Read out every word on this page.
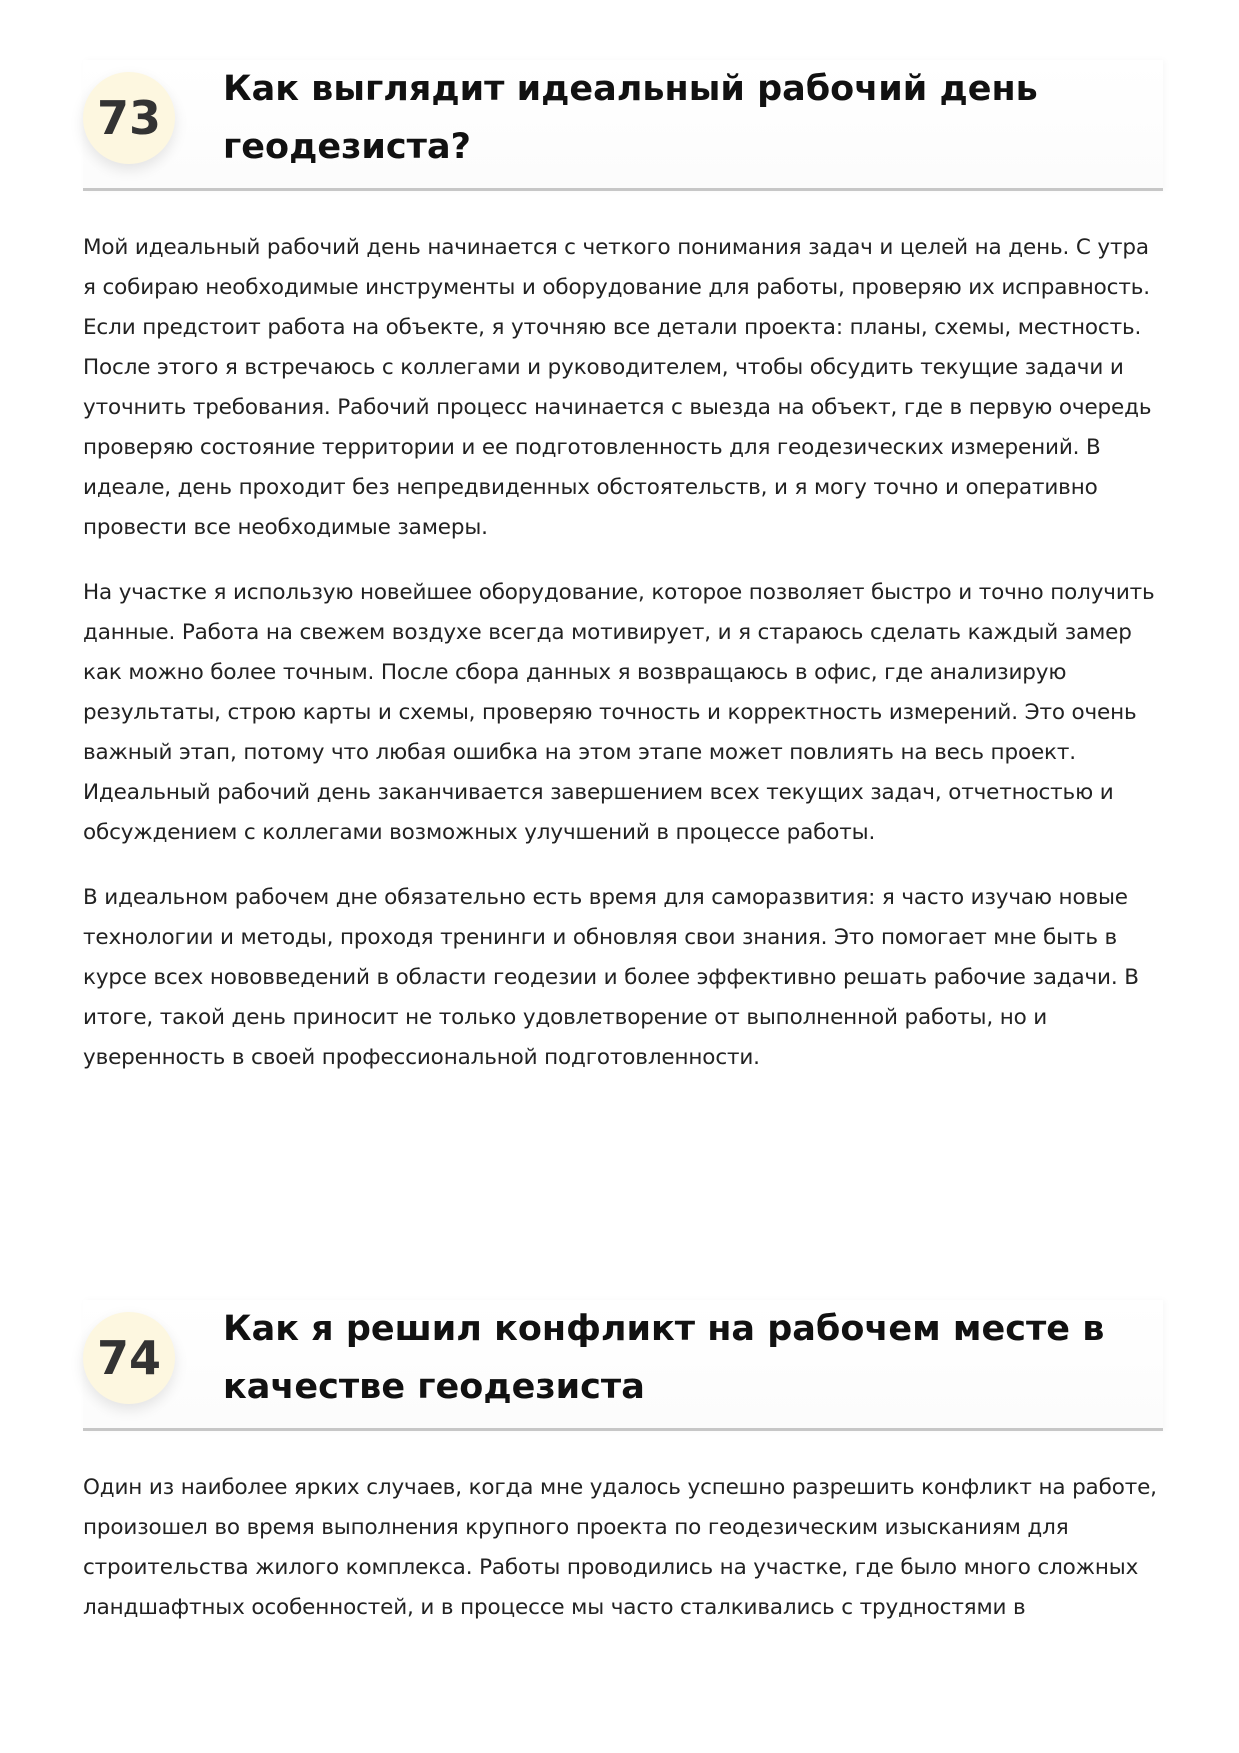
73
Как выглядит идеальный рабочий день геодезиста?

Мой идеальный рабочий день начинается с четкого понимания задач и целей на день. С утра я собираю необходимые инструменты и оборудование для работы, проверяю их исправность. Если предстоит работа на объекте, я уточняю все детали проекта: планы, схемы, местность. После этого я встречаюсь с коллегами и руководителем, чтобы обсудить текущие задачи и уточнить требования. Рабочий процесс начинается с выезда на объект, где в первую очередь проверяю состояние территории и ее подготовленность для геодезических измерений. В идеале, день проходит без непредвиденных обстоятельств, и я могу точно и оперативно провести все необходимые замеры.

На участке я использую новейшее оборудование, которое позволяет быстро и точно получить данные. Работа на свежем воздухе всегда мотивирует, и я стараюсь сделать каждый замер как можно более точным. После сбора данных я возвращаюсь в офис, где анализирую результаты, строю карты и схемы, проверяю точность и корректность измерений. Это очень важный этап, потому что любая ошибка на этом этапе может повлиять на весь проект. Идеальный рабочий день заканчивается завершением всех текущих задач, отчетностью и обсуждением с коллегами возможных улучшений в процессе работы.

В идеальном рабочем дне обязательно есть время для саморазвития: я часто изучаю новые технологии и методы, проходя тренинги и обновляя свои знания. Это помогает мне быть в курсе всех нововведений в области геодезии и более эффективно решать рабочие задачи. В итоге, такой день приносит не только удовлетворение от выполненной работы, но и уверенность в своей профессиональной подготовленности.

74
Как я решил конфликт на рабочем месте в качестве геодезиста

Один из наиболее ярких случаев, когда мне удалось успешно разрешить конфликт на работе, произошел во время выполнения крупного проекта по геодезическим изысканиям для строительства жилого комплекса. Работы проводились на участке, где было много сложных ландшафтных особенностей, и в процессе мы часто сталкивались с трудностями в
